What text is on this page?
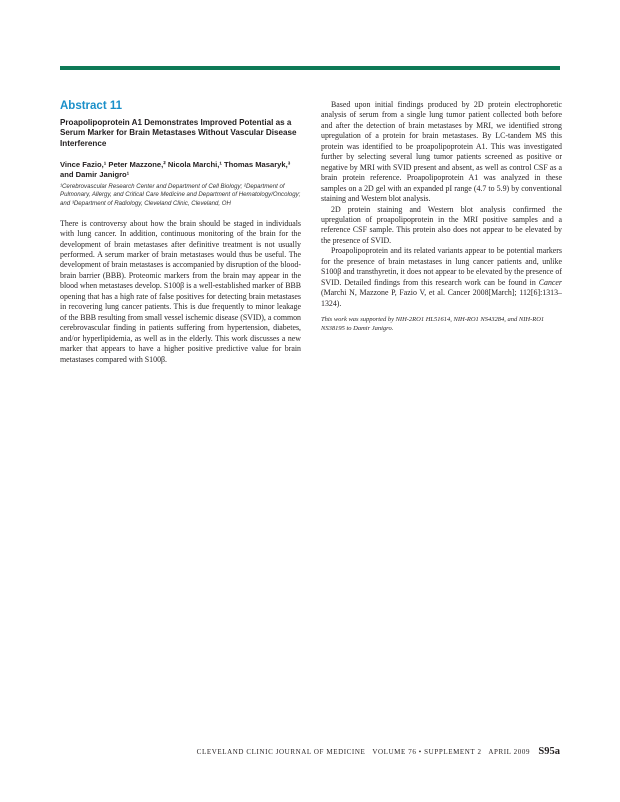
Abstract 11
Proapolipoprotein A1 Demonstrates Improved Potential as a Serum Marker for Brain Metastases Without Vascular Disease Interference

Vince Fazio,¹ Peter Mazzone,² Nicola Marchi,¹ Thomas Masaryk,³ and Damir Janigro¹

¹Cerebrovascular Research Center and Department of Cell Biology; ²Department of Pulmonary, Allergy, and Critical Care Medicine and Department of Hematology/Oncology; and ³Department of Radiology, Cleveland Clinic, Cleveland, OH

There is controversy about how the brain should be staged in individuals with lung cancer. In addition, continuous monitoring of the brain for the development of brain metastases after definitive treatment is not usually performed. A serum marker of brain metastases would thus be useful. The development of brain metastases is accompanied by disruption of the blood-brain barrier (BBB). Proteomic markers from the brain may appear in the blood when metastases develop. S100β is a well-established marker of BBB opening that has a high rate of false positives for detecting brain metastases in recovering lung cancer patients. This is due frequently to minor leakage of the BBB resulting from small vessel ischemic disease (SVID), a common cerebrovascular finding in patients suffering from hypertension, diabetes, and/or hyperlipidemia, as well as in the elderly. This work discusses a new marker that appears to have a higher positive predictive value for brain metastases compared with S100β.

Based upon initial findings produced by 2D protein electrophoretic analysis of serum from a single lung tumor patient collected both before and after the detection of brain metastases by MRI, we identified strong upregulation of a protein for brain metastases. By LC-tandem MS this protein was identified to be proapolipoprotein A1. This was investigated further by selecting several lung tumor patients screened as positive or negative by MRI with SVID present and absent, as well as control CSF as a brain protein reference. Proapolipoprotein A1 was analyzed in these samples on a 2D gel with an expanded pI range (4.7 to 5.9) by conventional staining and Western blot analysis.

2D protein staining and Western blot analysis confirmed the upregulation of proapolipoprotein in the MRI positive samples and a reference CSF sample. This protein also does not appear to be elevated by the presence of SVID.

Proapolipoprotein and its related variants appear to be potential markers for the presence of brain metastases in lung cancer patients and, unlike S100β and transthyretin, it does not appear to be elevated by the presence of SVID. Detailed findings from this research work can be found in Cancer (Marchi N, Mazzone P, Fazio V, et al. Cancer 2008[March]; 112[6]:1313–1324).

This work was supported by NIH-2RO1 HL51614, NIH-RO1 NS43284, and NIH-RO1 NS38195 to Damir Janigro.

CLEVELAND CLINIC JOURNAL OF MEDICINE VOLUME 76 • SUPPLEMENT 2 APRIL 2009 S95a
